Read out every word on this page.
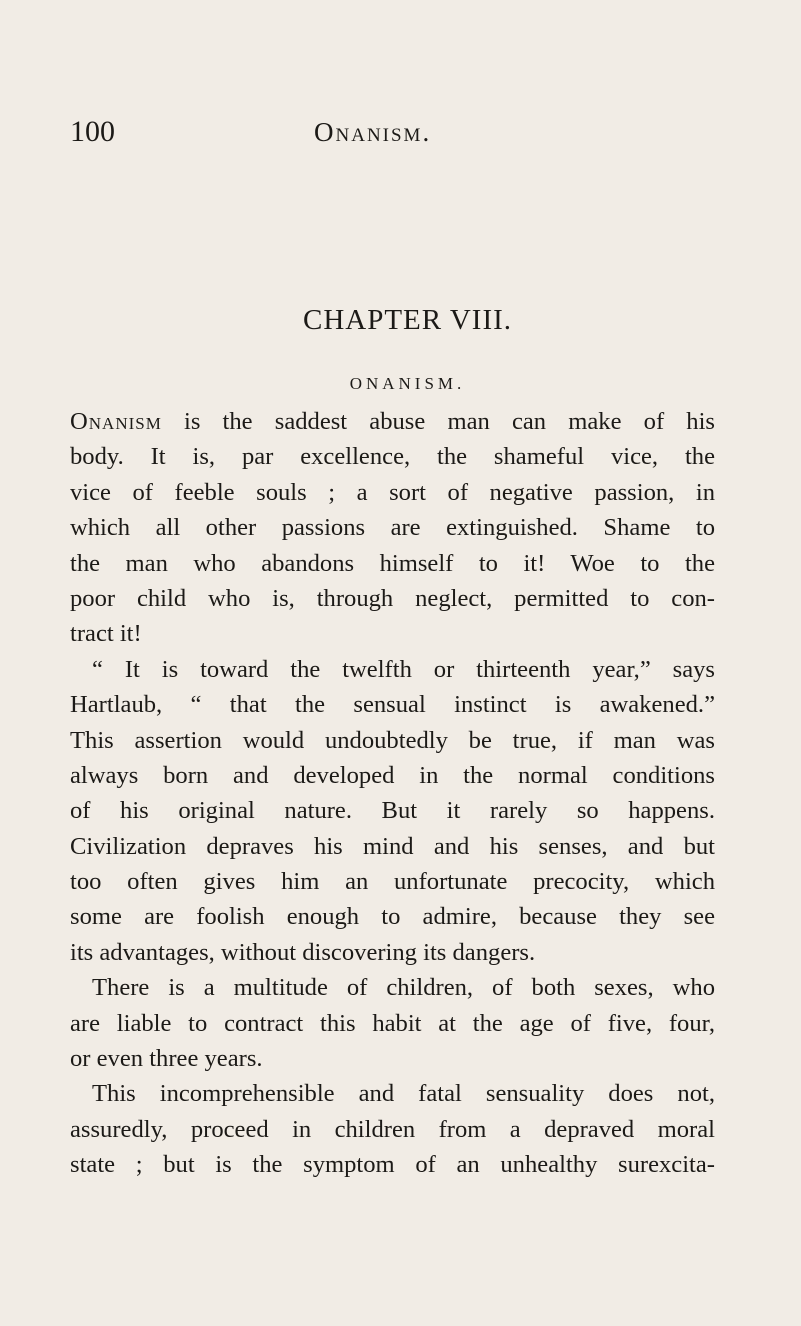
100	Onanism.
CHAPTER VIII.
ONANISM.
Onanism is the saddest abuse man can make of his
body. It is, par excellence, the shameful vice, the
vice of feeble souls ; a sort of negative passion, in
which all other passions are extinguished. Shame to
the man who abandons himself to it! Woe to the
poor child who is, through neglect, permitted to con-
tract it!
“ It is toward the twelfth or thirteenth year,” says
Hartlaub, “ that the sensual instinct is awakened.”
This assertion would undoubtedly be true, if man was
always born and developed in the normal conditions
of his original nature. But it rarely so happens.
Civilization depraves his mind and his senses, and but
too often gives him an unfortunate precocity, which
some are foolish enough to admire, because they see
its advantages, without discovering its dangers.
There is a multitude of children, of both sexes, who
are liable to contract this habit at the age of five, four,
or even three years.
This incomprehensible and fatal sensuality does not,
assuredly, proceed in children from a depraved moral
state ; but is the symptom of an unhealthy surexcita-
